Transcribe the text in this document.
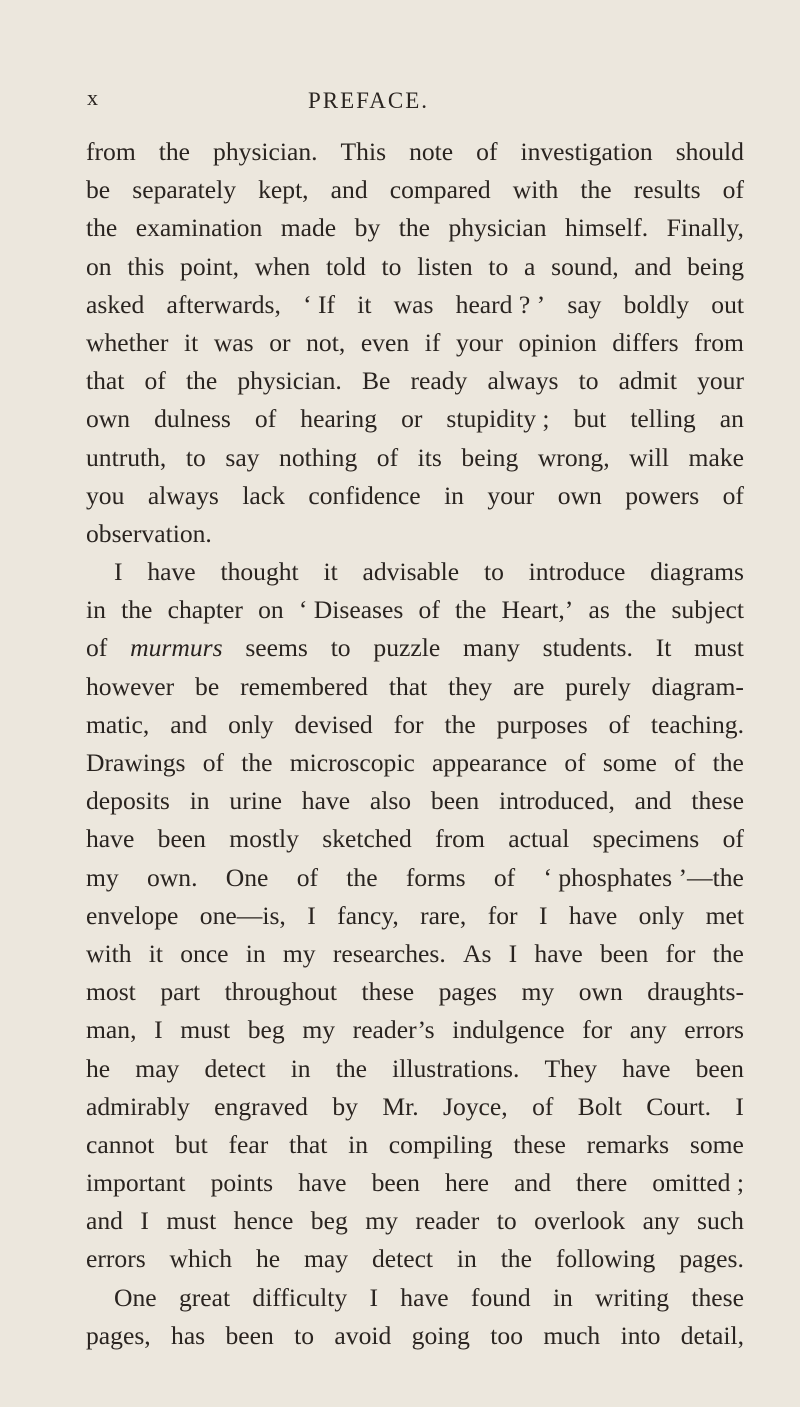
x	PREFACE.
from the physician. This note of investigation should
be separately kept, and compared with the results of
the examination made by the physician himself. Finally,
on this point, when told to listen to a sound, and being
asked afterwards, ‘ If it was heard ? ’ say boldly out
whether it was or not, even if your opinion differs from
that of the physician. Be ready always to admit your
own dulness of hearing or stupidity ; but telling an
untruth, to say nothing of its being wrong, will make
you always lack confidence in your own powers of
observation.
I have thought it advisable to introduce diagrams
in the chapter on ‘ Diseases of the Heart,’ as the subject
of murmurs seems to puzzle many students. It must
however be remembered that they are purely diagram-
matic, and only devised for the purposes of teaching.
Drawings of the microscopic appearance of some of the
deposits in urine have also been introduced, and these
have been mostly sketched from actual specimens of
my own. One of the forms of ‘ phosphates ’—the
envelope one—is, I fancy, rare, for I have only met
with it once in my researches. As I have been for the
most part throughout these pages my own draughts-
man, I must beg my reader’s indulgence for any errors
he may detect in the illustrations. They have been
admirably engraved by Mr. Joyce, of Bolt Court. I
cannot but fear that in compiling these remarks some
important points have been here and there omitted ;
and I must hence beg my reader to overlook any such
errors which he may detect in the following pages.
One great difficulty I have found in writing these
pages, has been to avoid going too much into detail,
